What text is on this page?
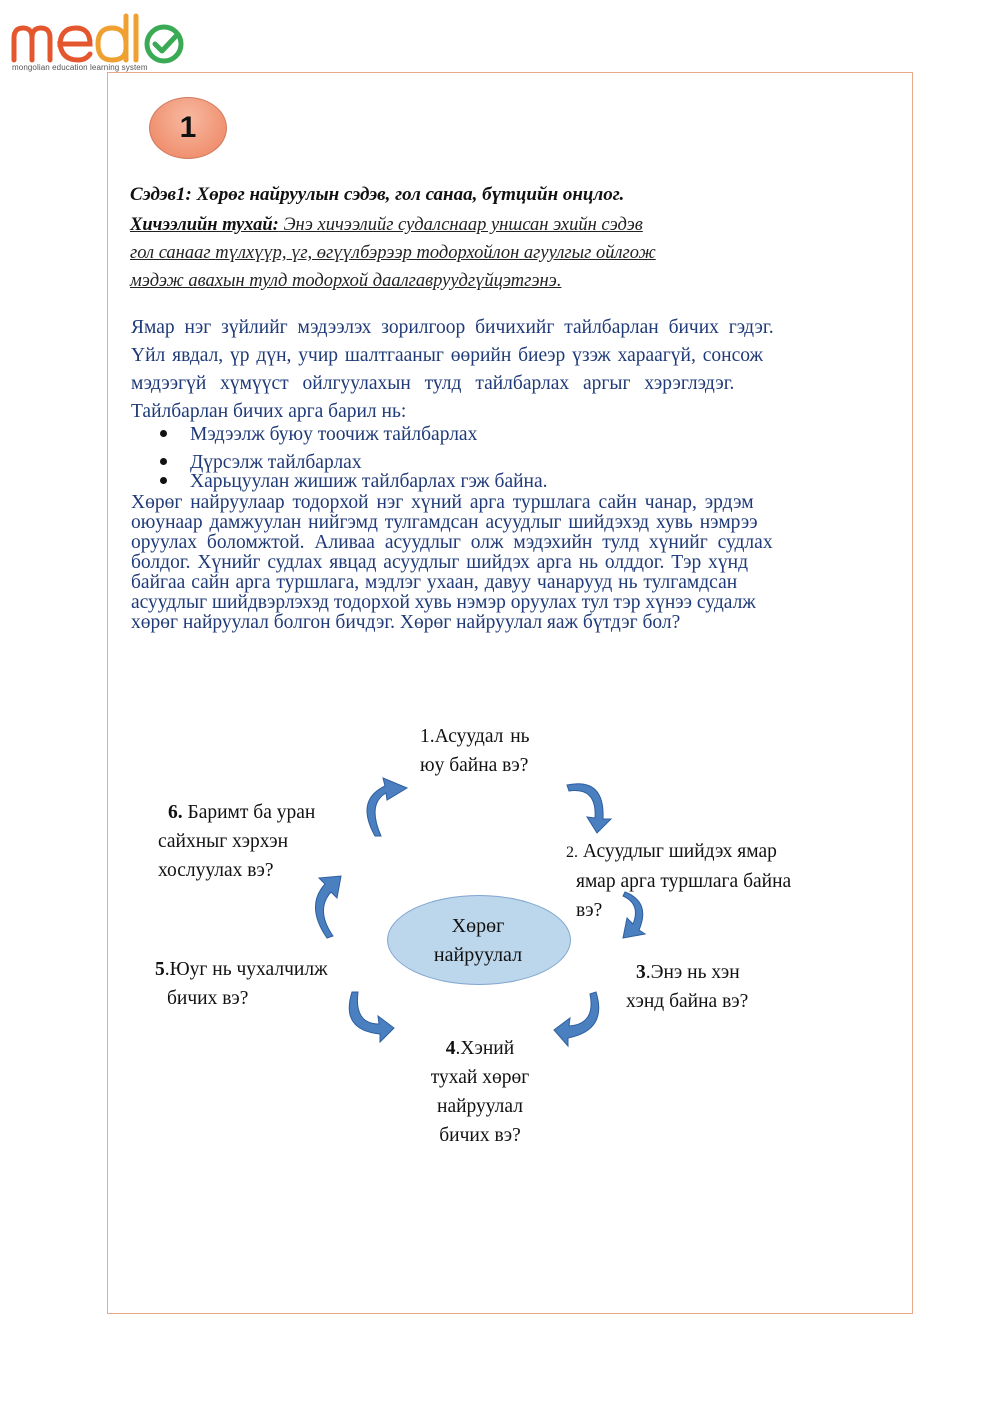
mongolian education learning system
1
Сэдэв1: Хөрөг найруулын сэдэв, гол санаа, бүтцийн онцлог.
Хичээлийн тухай: Энэ хичээлийг судалснаар уншсан эхийн сэдэв
гол санааг түлхүүр, үг, өгүүлбэрээр тодорхойлон агуулгыг ойлгож
мэдэж авахын тулд тодорхой даалгавруудгүйцэтгэнэ.
Ямар нэг зүйлийг мэдээлэх зорилгоор бичихийг тайлбарлан бичих гэдэг.
Үйл явдал, үр дүн, учир шалтгааныг өөрийн биеэр үзэж хараагүй, сонсож
мэдээгүй хүмүүст ойлгуулахын тулд тайлбарлах аргыг хэрэглэдэг.
Тайлбарлан бичих арга барил нь:
Мэдээлж буюу тоочиж тайлбарлах
Дүрсэлж тайлбарлах
Харьцуулан жишиж тайлбарлах гэж байна.
Хөрөг найруулаар тодорхой нэг хүний арга туршлага сайн чанар, эрдэм
оюунаар дамжуулан нийгэмд тулгамдсан асуудлыг шийдэхэд хувь нэмрээ
оруулах боломжтой. Аливаа асуудлыг олж мэдэхийн тулд хүнийг судлах
болдог. Хүнийг судлах явцад асуудлыг шийдэх арга нь олддог. Тэр хүнд
байгаа сайн арга туршлага, мэдлэг ухаан, давуу чанарууд нь тулгамдсан
асуудлыг шийдвэрлэхэд тодорхой хувь нэмэр оруулах тул тэр хүнээ судалж
хөрөг найруулал болгон бичдэг. Хөрөг найруулал яаж бүтдэг бол?
Хөрөг
найруулал
1.Асуудал нь
юу байна вэ?
2. Асуудлыг шийдэх ямар
ямар арга туршлага байна
вэ?
3.Энэ нь хэн
хэнд байна вэ?
4.Хэний
тухай хөрөг
найруулал
бичих вэ?
5.Юуг нь чухалчилж
бичих вэ?
6. Баримт ба уран
сайхныг хэрхэн
хослуулах вэ?
